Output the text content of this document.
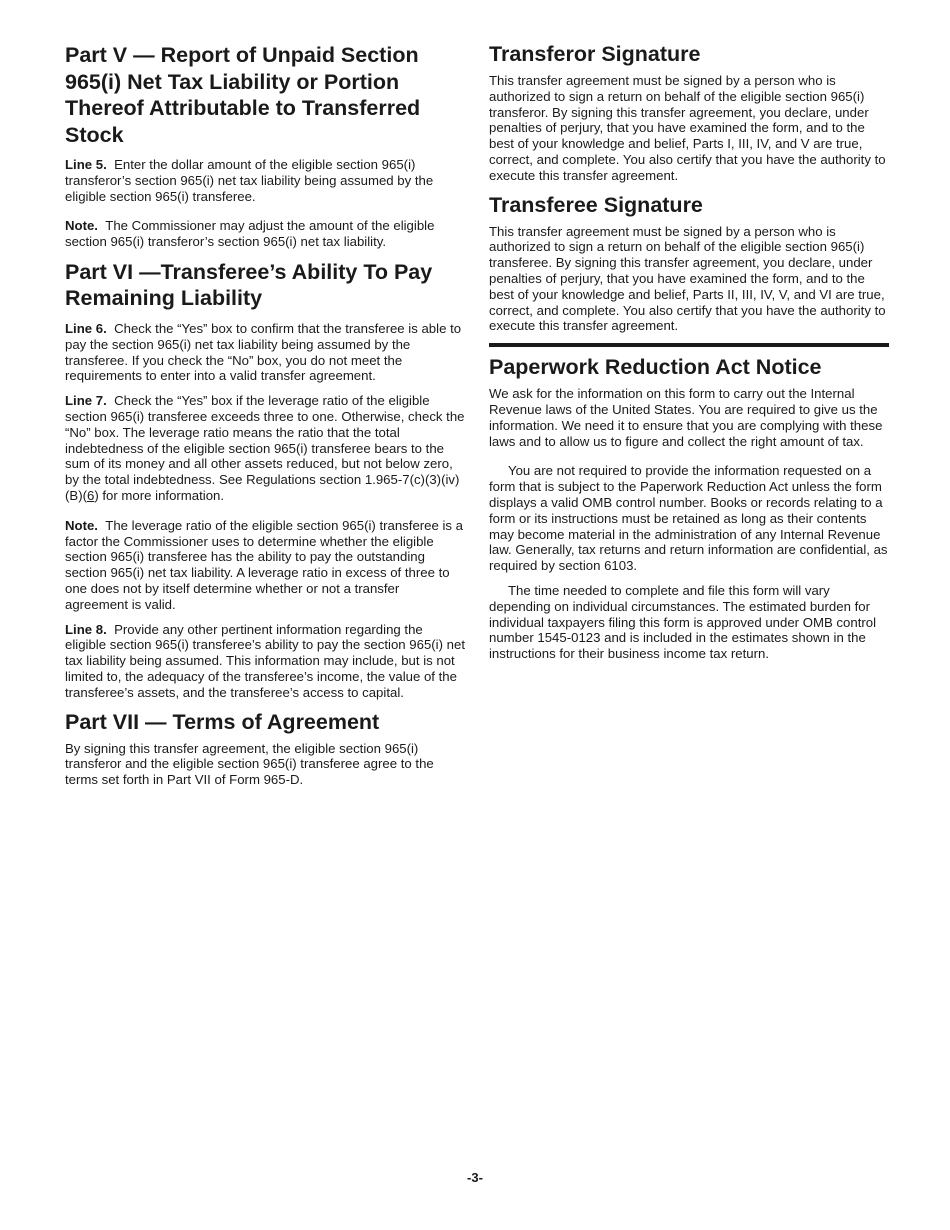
Part V — Report of Unpaid Section 965(i) Net Tax Liability or Portion Thereof Attributable to Transferred Stock

Line 5. Enter the dollar amount of the eligible section 965(i) transferor’s section 965(i) net tax liability being assumed by the eligible section 965(i) transferee.

Note. The Commissioner may adjust the amount of the eligible section 965(i) transferor’s section 965(i) net tax liability.

Part VI —Transferee’s Ability To Pay Remaining Liability

Line 6. Check the “Yes” box to confirm that the transferee is able to pay the section 965(i) net tax liability being assumed by the transferee. If you check the “No” box, you do not meet the requirements to enter into a valid transfer agreement.

Line 7. Check the “Yes” box if the leverage ratio of the eligible section 965(i) transferee exceeds three to one. Otherwise, check the “No” box. The leverage ratio means the ratio that the total indebtedness of the eligible section 965(i) transferee bears to the sum of its money and all other assets reduced, but not below zero, by the total indebtedness. See Regulations section 1.965-7(c)(3)(iv)(B)(6) for more information.

Note. The leverage ratio of the eligible section 965(i) transferee is a factor the Commissioner uses to determine whether the eligible section 965(i) transferee has the ability to pay the outstanding section 965(i) net tax liability. A leverage ratio in excess of three to one does not by itself determine whether or not a transfer agreement is valid.

Line 8. Provide any other pertinent information regarding the eligible section 965(i) transferee’s ability to pay the section 965(i) net tax liability being assumed. This information may include, but is not limited to, the adequacy of the transferee’s income, the value of the transferee’s assets, and the transferee’s access to capital.

Part VII — Terms of Agreement

By signing this transfer agreement, the eligible section 965(i) transferor and the eligible section 965(i) transferee agree to the terms set forth in Part VII of Form 965-D.

Transferor Signature

This transfer agreement must be signed by a person who is authorized to sign a return on behalf of the eligible section 965(i) transferor. By signing this transfer agreement, you declare, under penalties of perjury, that you have examined the form, and to the best of your knowledge and belief, Parts I, III, IV, and V are true, correct, and complete. You also certify that you have the authority to execute this transfer agreement.

Transferee Signature

This transfer agreement must be signed by a person who is authorized to sign a return on behalf of the eligible section 965(i) transferee. By signing this transfer agreement, you declare, under penalties of perjury, that you have examined the form, and to the best of your knowledge and belief, Parts II, III, IV, V, and VI are true, correct, and complete. You also certify that you have the authority to execute this transfer agreement.

Paperwork Reduction Act Notice

We ask for the information on this form to carry out the Internal Revenue laws of the United States. You are required to give us the information. We need it to ensure that you are complying with these laws and to allow us to figure and collect the right amount of tax.

You are not required to provide the information requested on a form that is subject to the Paperwork Reduction Act unless the form displays a valid OMB control number. Books or records relating to a form or its instructions must be retained as long as their contents may become material in the administration of any Internal Revenue law. Generally, tax returns and return information are confidential, as required by section 6103.

The time needed to complete and file this form will vary depending on individual circumstances. The estimated burden for individual taxpayers filing this form is approved under OMB control number 1545-0123 and is included in the estimates shown in the instructions for their business income tax return.

-3-
